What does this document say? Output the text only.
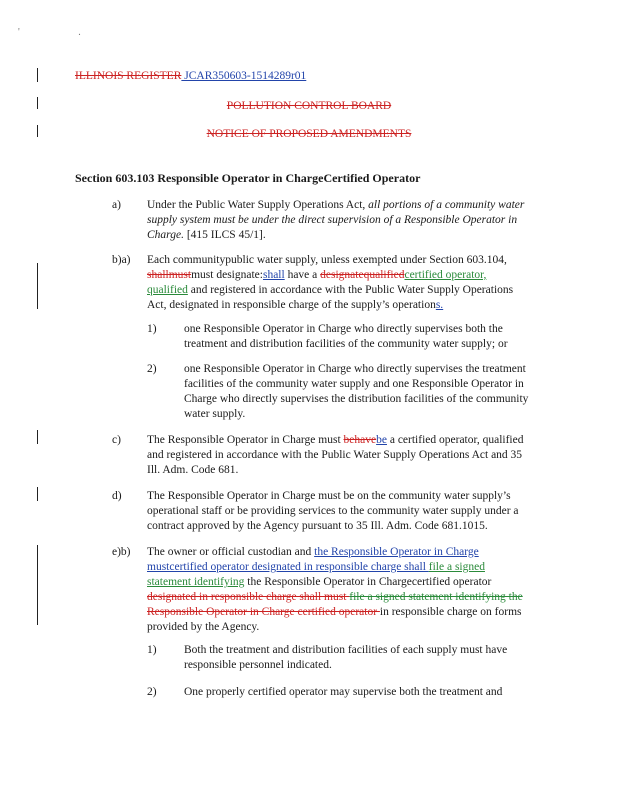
' .
ILLINOIS REGISTER JCAR350603-1514289r01
POLLUTION CONTROL BOARD
NOTICE OF PROPOSED AMENDMENTS
Section 603.103 Responsible Operator in ChargeCertified Operator
a) Under the Public Water Supply Operations Act, all portions of a community water
supply system must be under the direct supervision of a Responsible Operator in
Charge. [415 ILCS 45/1].
b)a) Each communitypublic water supply, unless exempted under Section 603.104,
shallmustmust designate:shall have a designatequalifiedcertified operator,
qualified and registered in accordance with the Public Water Supply Operations
Act, designated in responsible charge of the supply’s operations.
1) one Responsible Operator in Charge who directly supervises both the
treatment and distribution facilities of the community water supply; or
2) one Responsible Operator in Charge who directly supervises the treatment
facilities of the community water supply and one Responsible Operator in
Charge who directly supervises the distribution facilities of the community
water supply.
c) The Responsible Operator in Charge must behavebe a certified operator, qualified
and registered in accordance with the Public Water Supply Operations Act and 35
Ill. Adm. Code 681.
d) The Responsible Operator in Charge must be on the community water supply’s
operational staff or be providing services to the community water supply under a
contract approved by the Agency pursuant to 35 Ill. Adm. Code 681.1015.
e)b) The owner or official custodian and the Responsible Operator in Charge
mustcertified operator designated in responsible charge shall file a signed
statement identifying the Responsible Operator in Chargecertified operator
designated in responsible charge shall must file a signed statement identifying the
Responsible Operator in Charge certified operator in responsible charge on forms
provided by the Agency.
1) Both the treatment and distribution facilities of each supply must have
responsible personnel indicated.
2) One properly certified operator may supervise both the treatment and
